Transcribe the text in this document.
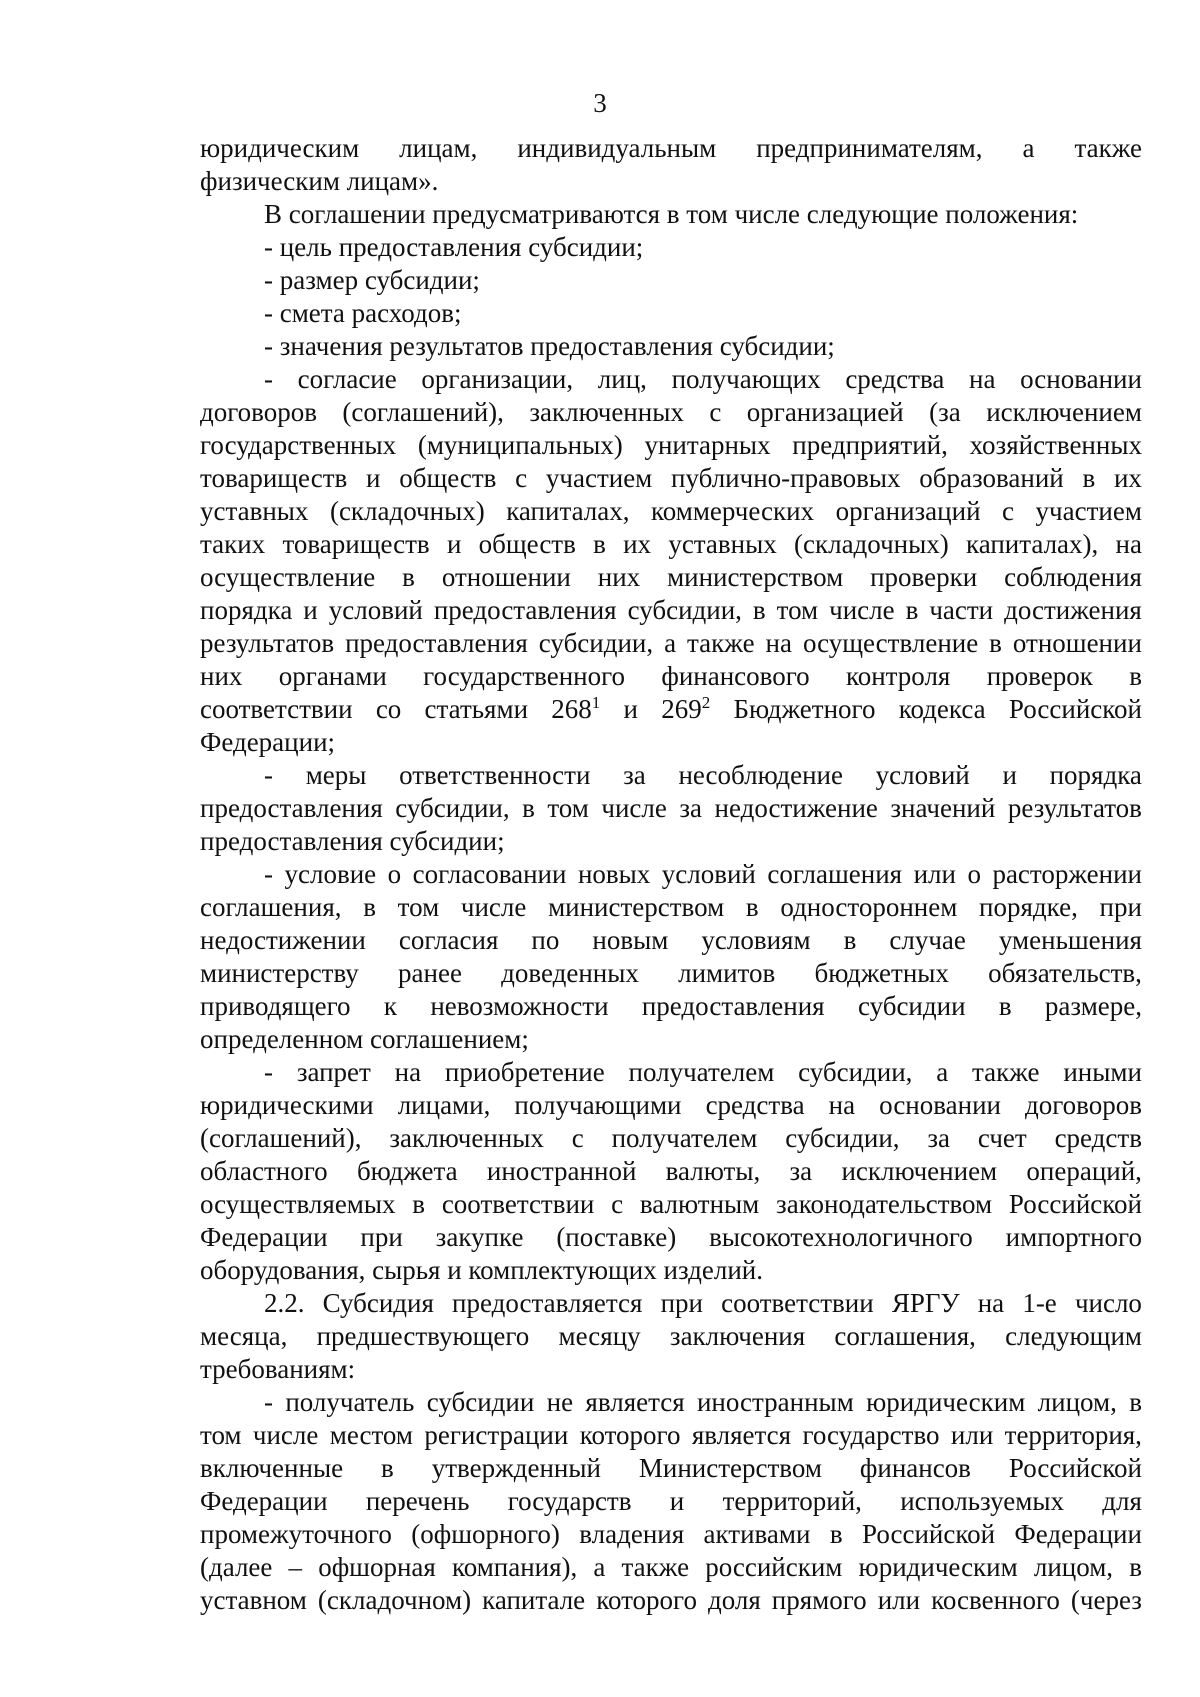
3
юридическим лицам, индивидуальным предпринимателям, а также
физическим лицам».
В соглашении предусматриваются в том числе следующие положения:
- цель предоставления субсидии;
- размер субсидии;
- смета расходов;
- значения результатов предоставления субсидии;
- согласие организации, лиц, получающих средства на основании
договоров (соглашений), заключенных с организацией (за исключением
государственных (муниципальных) унитарных предприятий, хозяйственных
товариществ и обществ с участием публично-правовых образований в их
уставных (складочных) капиталах, коммерческих организаций с участием
таких товариществ и обществ в их уставных (складочных) капиталах), на
осуществление в отношении них министерством проверки соблюдения
порядка и условий предоставления субсидии, в том числе в части достижения
результатов предоставления субсидии, а также на осуществление в отношении
них органами государственного финансового контроля проверок в
соответствии со статьями $268^1$ и $269^2$ Бюджетного кодекса Российской
Федерации;
- меры ответственности за несоблюдение условий и порядка
предоставления субсидии, в том числе за недостижение значений результатов
предоставления субсидии;
- условие о согласовании новых условий соглашения или о расторжении
соглашения, в том числе министерством в одностороннем порядке, при
недостижении согласия по новым условиям в случае уменьшения
министерству ранее доведенных лимитов бюджетных обязательств,
приводящего к невозможности предоставления субсидии в размере,
определенном соглашением;
- запрет на приобретение получателем субсидии, а также иными
юридическими лицами, получающими средства на основании договоров
(соглашений), заключенных с получателем субсидии, за счет средств
областного бюджета иностранной валюты, за исключением операций,
осуществляемых в соответствии с валютным законодательством Российской
Федерации при закупке (поставке) высокотехнологичного импортного
оборудования, сырья и комплектующих изделий.
2.2. Субсидия предоставляется при соответствии ЯРГУ на 1-е число
месяца, предшествующего месяцу заключения соглашения, следующим
требованиям:
- получатель субсидии не является иностранным юридическим лицом, в
том числе местом регистрации которого является государство или территория,
включенные в утвержденный Министерством финансов Российской
Федерации перечень государств и территорий, используемых для
промежуточного (офшорного) владения активами в Российской Федерации
(далее – офшорная компания), а также российским юридическим лицом, в
уставном (складочном) капитале которого доля прямого или косвенного (через
